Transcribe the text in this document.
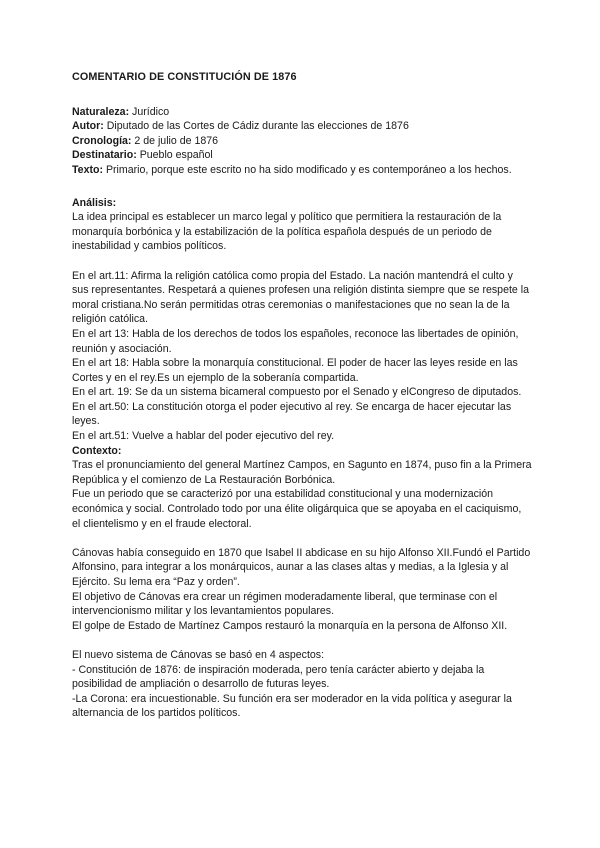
COMENTARIO DE CONSTITUCIÓN DE 1876

Naturaleza: Jurídico

Autor: Diputado de las Cortes de Cádiz durante las elecciones de 1876

Cronología: 2 de julio de 1876

Destinatario: Pueblo español

Texto: Primario, porque este escrito no ha sido modificado y es contemporáneo a los hechos.

Análisis:

La idea principal es establecer un marco legal y político que permitiera la restauración de la monarquía borbónica y la estabilización de la política española después de un periodo de inestabilidad y cambios políticos.

En el art.11: Afirma la religión católica como propia del Estado. La nación mantendrá el culto y sus representantes. Respetará a quienes profesen una religión distinta siempre que se respete la moral cristiana.No serán permitidas otras ceremonias o manifestaciones que no sean la de la religión católica.

En el art 13: Habla de los derechos de todos los españoles, reconoce las libertades de opinión, reunión y asociación.

En el art 18: Habla sobre la monarquía constitucional. El poder de hacer las leyes reside en las Cortes y en el rey.Es un ejemplo de la soberanía compartida.

En el art. 19: Se da un sistema bicameral compuesto por el Senado y elCongreso de diputados.

En el art.50: La constitución otorga el poder ejecutivo al rey. Se encarga de hacer ejecutar las leyes.

En el art.51: Vuelve a hablar del poder ejecutivo del rey.

Contexto:

Tras el pronunciamiento del general Martínez Campos, en Sagunto en 1874, puso fin a la Primera República y el comienzo de La Restauración Borbónica.

Fue un periodo que se caracterizó por una estabilidad constitucional y una modernización económica y social. Controlado todo por una élite oligárquica que se apoyaba en el caciquismo, el clientelismo y en el fraude electoral.

Cánovas había conseguido en 1870 que Isabel II abdicase en su hijo Alfonso XII.Fundó el Partido Alfonsino, para integrar a los monárquicos, aunar a las clases altas y medias, a la Iglesia y al Ejército. Su lema era “Paz y orden”.

El objetivo de Cánovas era crear un régimen moderadamente liberal, que terminase con el intervencionismo militar y los levantamientos populares.

El golpe de Estado de Martínez Campos restauró la monarquía en la persona de Alfonso XII.

El nuevo sistema de Cánovas se basó en 4 aspectos:

- Constitución de 1876: de inspiración moderada, pero tenía carácter abierto y dejaba la posibilidad de ampliación o desarrollo de futuras leyes.

-La Corona: era incuestionable. Su función era ser moderador en la vida política y asegurar la alternancia de los partidos políticos.
